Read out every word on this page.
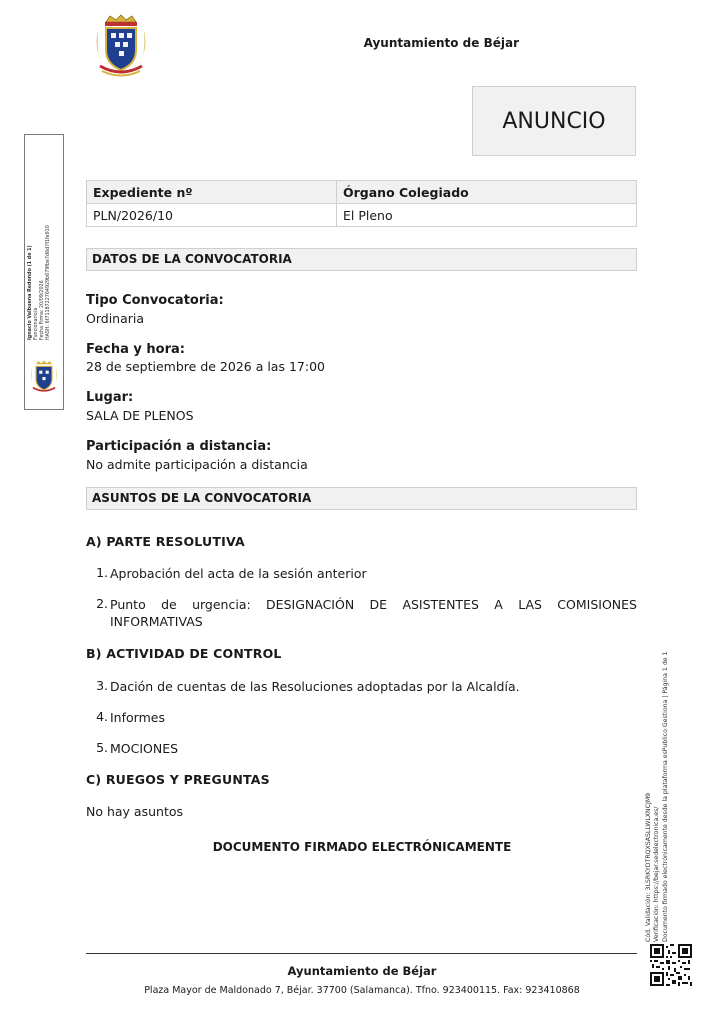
Ayuntamiento de Béjar
ANUNCIO
Expediente nº	Órgano Colegiado
PLN/2026/10	El Pleno
DATOS DE LA CONVOCATORIA
Tipo Convocatoria:
Ordinaria
Fecha y hora:
28 de septiembre de 2026 a las 17:00
Lugar:
SALA DE PLENOS
Participación a distancia:
No admite participación a distancia
ASUNTOS DE LA CONVOCATORIA
A) PARTE RESOLUTIVA
1. Aprobación del acta de la sesión anterior
2. Punto de urgencia: DESIGNACIÓN DE ASISTENTES A LAS COMISIONES
INFORMATIVAS
B) ACTIVIDAD DE CONTROL
3. Dación de cuentas de las Resoluciones adoptadas por la Alcaldía.
4. Informes
5. MOCIONES
C) RUEGOS Y PREGUNTAS
No hay asuntos
DOCUMENTO FIRMADO ELECTRÓNICAMENTE
Ignacio Valbuena Redondo (1 de 1) Funcionario/a Fecha Firma: 20/09/2026 HASH: 6f7118722764929b679fbe7d6d7f1fe910
Cód. Validación: 3LSRKYDTRQXSASLLWLXNCJM9 Verificación: https://bejar.sedelectronica.es/ Documento firmado electrónicamente desde la plataforma esPublico Gestiona | Página 1 de 1
Ayuntamiento de Béjar
Plaza Mayor de Maldonado 7, Béjar. 37700 (Salamanca). Tfno. 923400115. Fax: 923410868
